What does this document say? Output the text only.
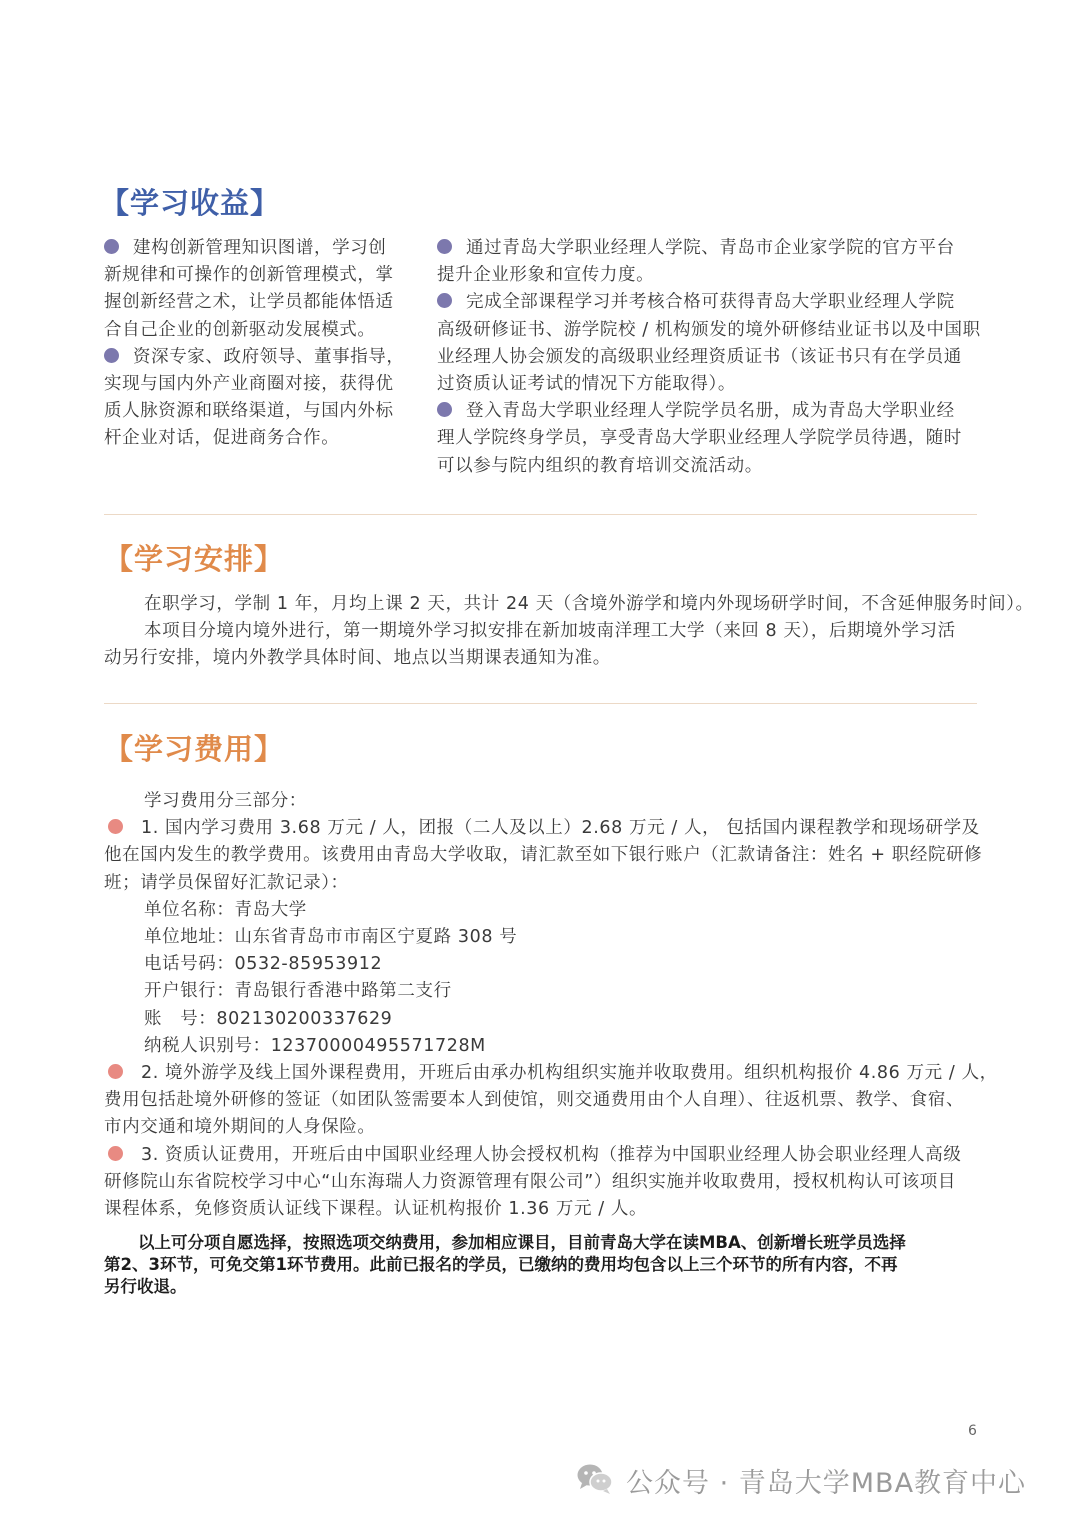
【学习收益】
建构创新管理知识图谱，学习创
新规律和可操作的创新管理模式，掌
握创新经营之术，让学员都能体悟适
合自己企业的创新驱动发展模式。
资深专家、政府领导、董事指导，
实现与国内外产业商圈对接，获得优
质人脉资源和联络渠道，与国内外标
杆企业对话，促进商务合作。
通过青岛大学职业经理人学院、青岛市企业家学院的官方平台
提升企业形象和宣传力度。
完成全部课程学习并考核合格可获得青岛大学职业经理人学院
高级研修证书、游学院校 / 机构颁发的境外研修结业证书以及中国职
业经理人协会颁发的高级职业经理资质证书（该证书只有在学员通
过资质认证考试的情况下方能取得）。
登入青岛大学职业经理人学院学员名册，成为青岛大学职业经
理人学院终身学员，享受青岛大学职业经理人学院学员待遇，随时
可以参与院内组织的教育培训交流活动。
【学习安排】
在职学习，学制 1 年，月均上课 2 天，共计 24 天（含境外游学和境内外现场研学时间，不含延伸服务时间）。
本项目分境内境外进行，第一期境外学习拟安排在新加坡南洋理工大学（来回 8 天），后期境外学习活
动另行安排，境内外教学具体时间、地点以当期课表通知为准。
【学习费用】
学习费用分三部分：
1. 国内学习费用 3.68 万元 / 人，团报（二人及以上）2.68 万元 / 人， 包括国内课程教学和现场研学及
他在国内发生的教学费用。该费用由青岛大学收取，请汇款至如下银行账户（汇款请备注：姓名 + 职经院研修
班；请学员保留好汇款记录）：
单位名称：青岛大学
单位地址：山东省青岛市市南区宁夏路 308 号
电话号码：0532-85953912
开户银行：青岛银行香港中路第二支行
账　号：802130200337629
纳税人识别号：12370000495571728M
2. 境外游学及线上国外课程费用，开班后由承办机构组织实施并收取费用。组织机构报价 4.86 万元 / 人，
费用包括赴境外研修的签证（如团队签需要本人到使馆，则交通费用由个人自理）、往返机票、教学、食宿、
市内交通和境外期间的人身保险。
3. 资质认证费用，开班后由中国职业经理人协会授权机构（推荐为中国职业经理人协会职业经理人高级
研修院山东省院校学习中心“山东海瑞人力资源管理有限公司”）组织实施并收取费用，授权机构认可该项目
课程体系，免修资质认证线下课程。认证机构报价 1.36 万元 / 人。
以上可分项自愿选择，按照选项交纳费用，参加相应课目，目前青岛大学在读MBA、创新增长班学员选择
第2、3环节，可免交第1环节费用。此前已报名的学员，已缴纳的费用均包含以上三个环节的所有内容，不再
另行收退。
6
公众号 · 青岛大学MBA教育中心
